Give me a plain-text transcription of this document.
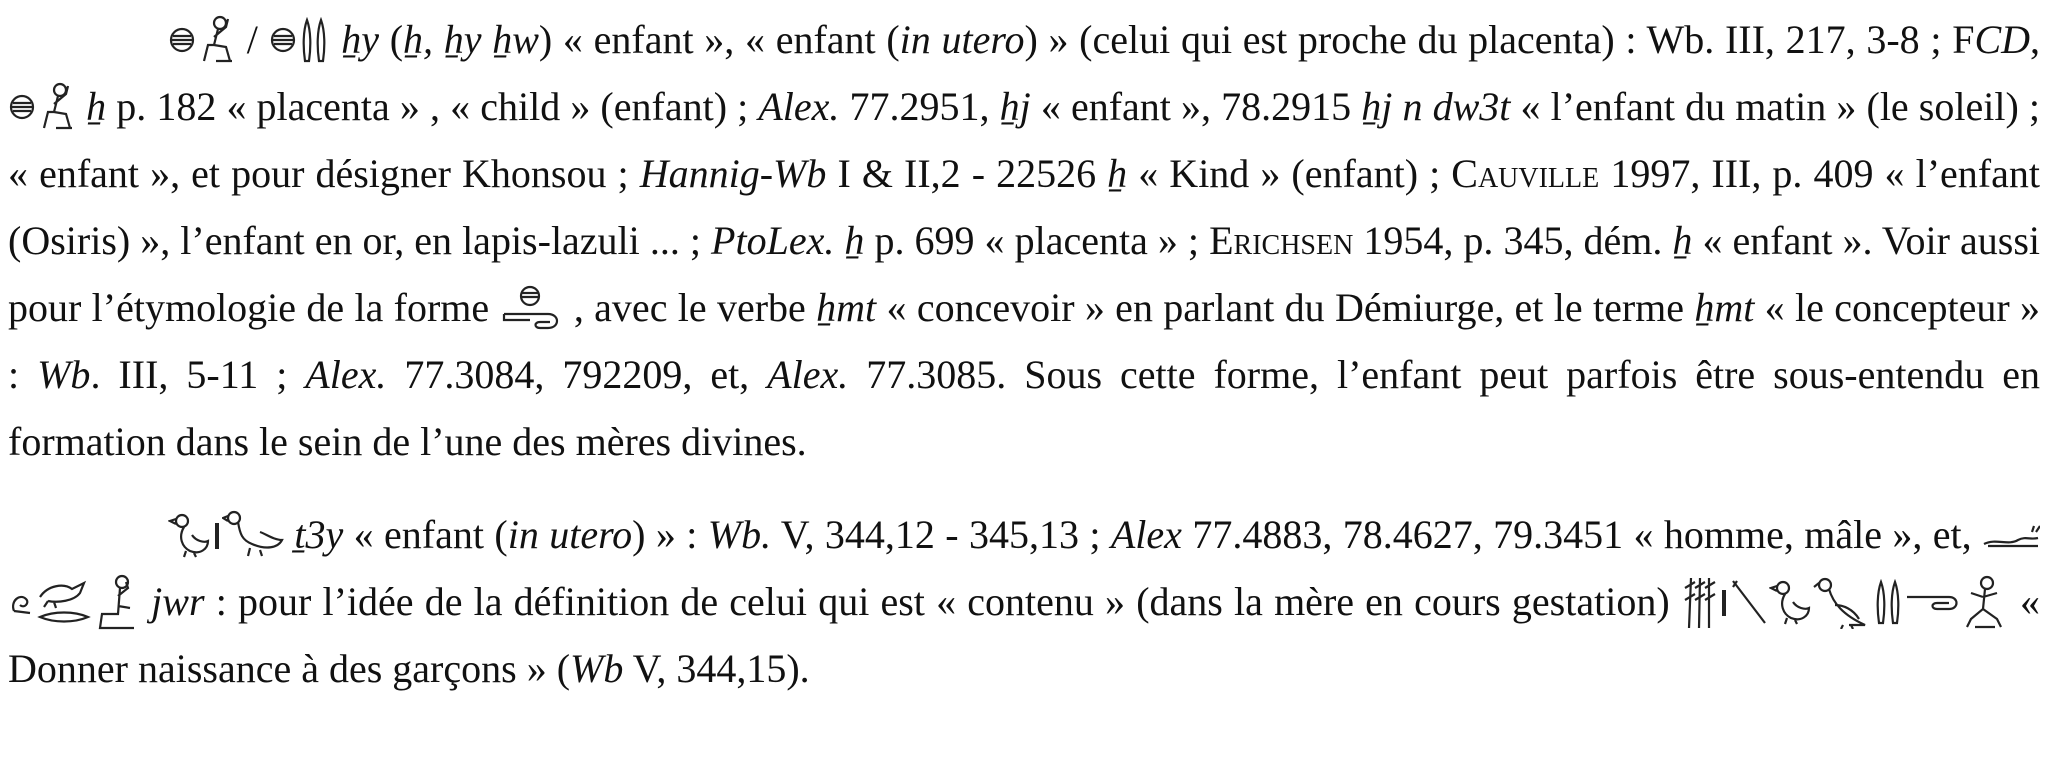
/
ẖy (ẖ, ẖy ẖw) « enfant », « enfant (in utero) » (celui qui est proche du placenta) : Wb. III, 217, 3-8 ; FCD,
ẖ p. 182 « placenta » , « child » (enfant) ; Alex. 77.2951, ẖj « enfant », 78.2915 ẖj n dw3t « l’enfant du matin » (le soleil) ; « enfant », et pour désigner Khonsou ; Hannig-Wb I & II,2 - 22526 ẖ « Kind » (enfant) ; Cauville 1997, III, p. 409 « l’enfant (Osiris) », l’enfant en or, en lapis-lazuli ... ; PtoLex. ẖ p. 699 « placenta » ; Erichsen 1954, p. 345, dém. ẖ « enfant ». Voir aussi pour l’étymologie de la forme
, avec le verbe ẖmt « concevoir » en parlant du Démiurge, et le terme ẖmt « le concepteur » : Wb. III, 5-11 ; Alex. 77.3084, 792209, et, Alex. 77.3085. Sous cette forme, l’enfant peut parfois être sous-entendu en formation dans le sein de l’une des mères divines.

ṯ3y « enfant (in utero) » : Wb. V, 344,12 - 345,13 ; Alex 77.4883, 78.4627, 79.3451 « homme, mâle », et,
jwr : pour l’idée de la définition de celui qui est « contenu » (dans la mère en cours gestation)	« Donner naissance à des garçons » (Wb V, 344,15).
